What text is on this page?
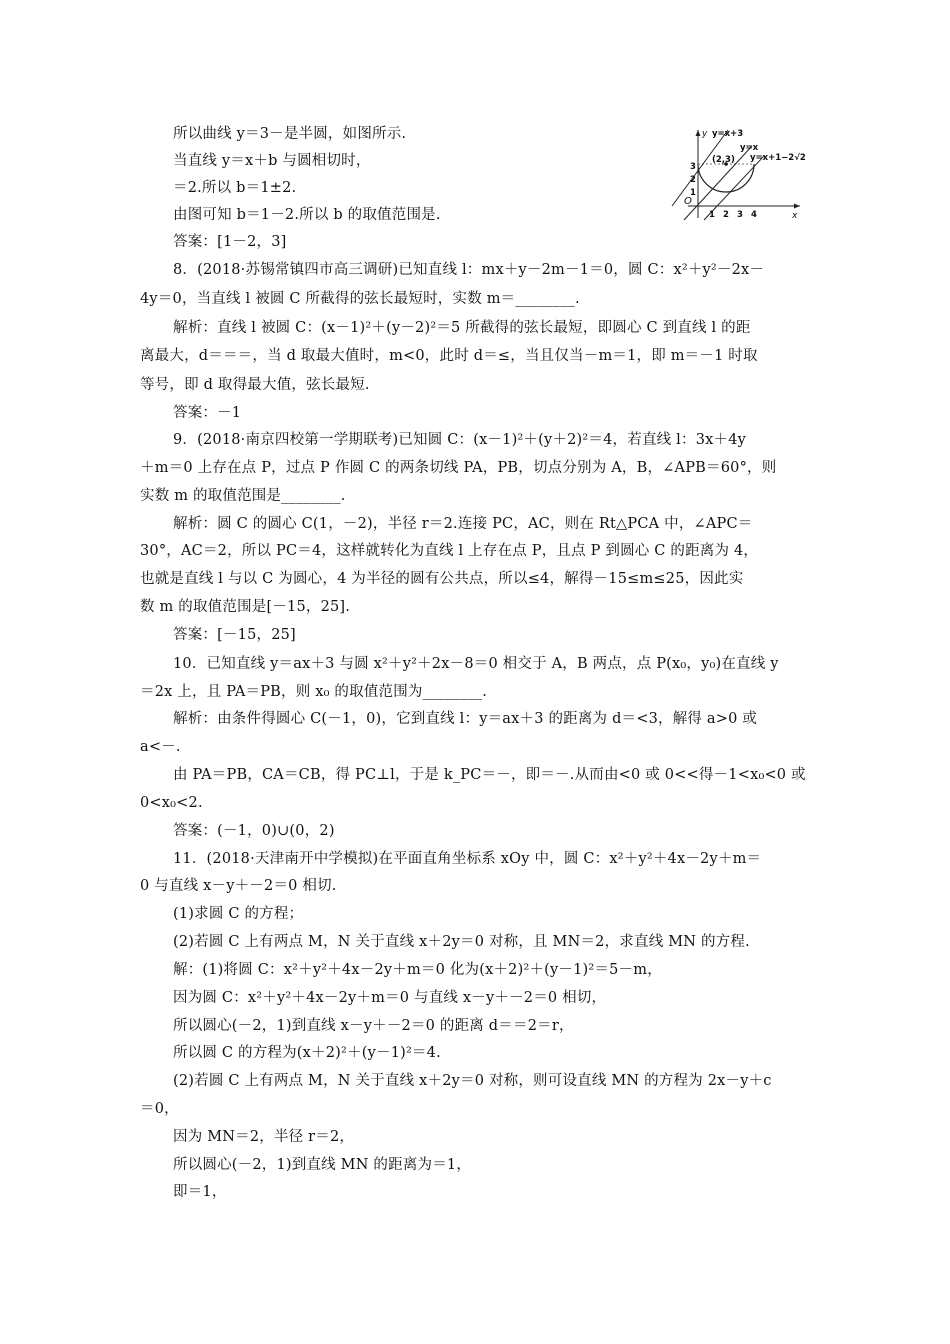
所以曲线 y＝3－是半圆，如图所示.
当直线 y＝x＋b 与圆相切时，
＝2.所以 b＝1±2.
由图可知 b＝1－2.所以 b 的取值范围是.
答案：[1－2，3]
8．(2018·苏锡常镇四市高三调研)已知直线 l：mx＋y－2m－1＝0，圆 C：x²＋y²－2x－
4y＝0，当直线 l 被圆 C 所截得的弦长最短时，实数 m＝________.
解析：直线 l 被圆 C：(x－1)²＋(y－2)²＝5 所截得的弦长最短，即圆心 C 到直线 l 的距
离最大，d＝＝＝，当 d 取最大值时，m<0，此时 d＝≤，当且仅当－m＝1，即 m＝－1 时取
等号，即 d 取得最大值，弦长最短.
答案：－1
9．(2018·南京四校第一学期联考)已知圆 C：(x－1)²＋(y＋2)²＝4，若直线 l：3x＋4y
＋m＝0 上存在点 P，过点 P 作圆 C 的两条切线 PA，PB，切点分别为 A，B，∠APB＝60°，则
实数 m 的取值范围是________.
解析：圆 C 的圆心 C(1，－2)，半径 r＝2.连接 PC，AC，则在 Rt△PCA 中，∠APC＝
30°，AC＝2，所以 PC＝4，这样就转化为直线 l 上存在点 P，且点 P 到圆心 C 的距离为 4，
也就是直线 l 与以 C 为圆心，4 为半径的圆有公共点，所以≤4，解得－15≤m≤25，因此实
数 m 的取值范围是[－15，25].
答案：[－15，25]
10．已知直线 y＝ax＋3 与圆 x²＋y²＋2x－8＝0 相交于 A，B 两点，点 P(x₀，y₀)在直线 y
＝2x 上，且 PA＝PB，则 x₀ 的取值范围为________.
解析：由条件得圆心 C(－1，0)，它到直线 l：y＝ax＋3 的距离为 d＝<3，解得 a>0 或
a<－.
由 PA＝PB，CA＝CB，得 PC⊥l，于是 k_PC＝－，即＝－.从而由<0 或 0<<得－1<x₀<0 或
0<x₀<2.
答案：(－1，0)∪(0，2)
11．(2018·天津南开中学模拟)在平面直角坐标系 xOy 中，圆 C：x²＋y²＋4x－2y＋m＝
0 与直线 x－y＋－2＝0 相切.
(1)求圆 C 的方程；
(2)若圆 C 上有两点 M，N 关于直线 x＋2y＝0 对称，且 MN＝2，求直线 MN 的方程.
解：(1)将圆 C：x²＋y²＋4x－2y＋m＝0 化为(x＋2)²＋(y－1)²＝5－m，
因为圆 C：x²＋y²＋4x－2y＋m＝0 与直线 x－y＋－2＝0 相切，
所以圆心(－2，1)到直线 x－y＋－2＝0 的距离 d＝＝2＝r，
所以圆 C 的方程为(x＋2)²＋(y－1)²＝4.
(2)若圆 C 上有两点 M，N 关于直线 x＋2y＝0 对称，则可设直线 MN 的方程为 2x－y＋c
＝0，
因为 MN＝2，半径 r＝2，
所以圆心(－2，1)到直线 MN 的距离为＝1，
即＝1，
y y=x+3
y=x
y=x+1−2√2
(2,3)
O
x
1 2 3 4
1
2
3
